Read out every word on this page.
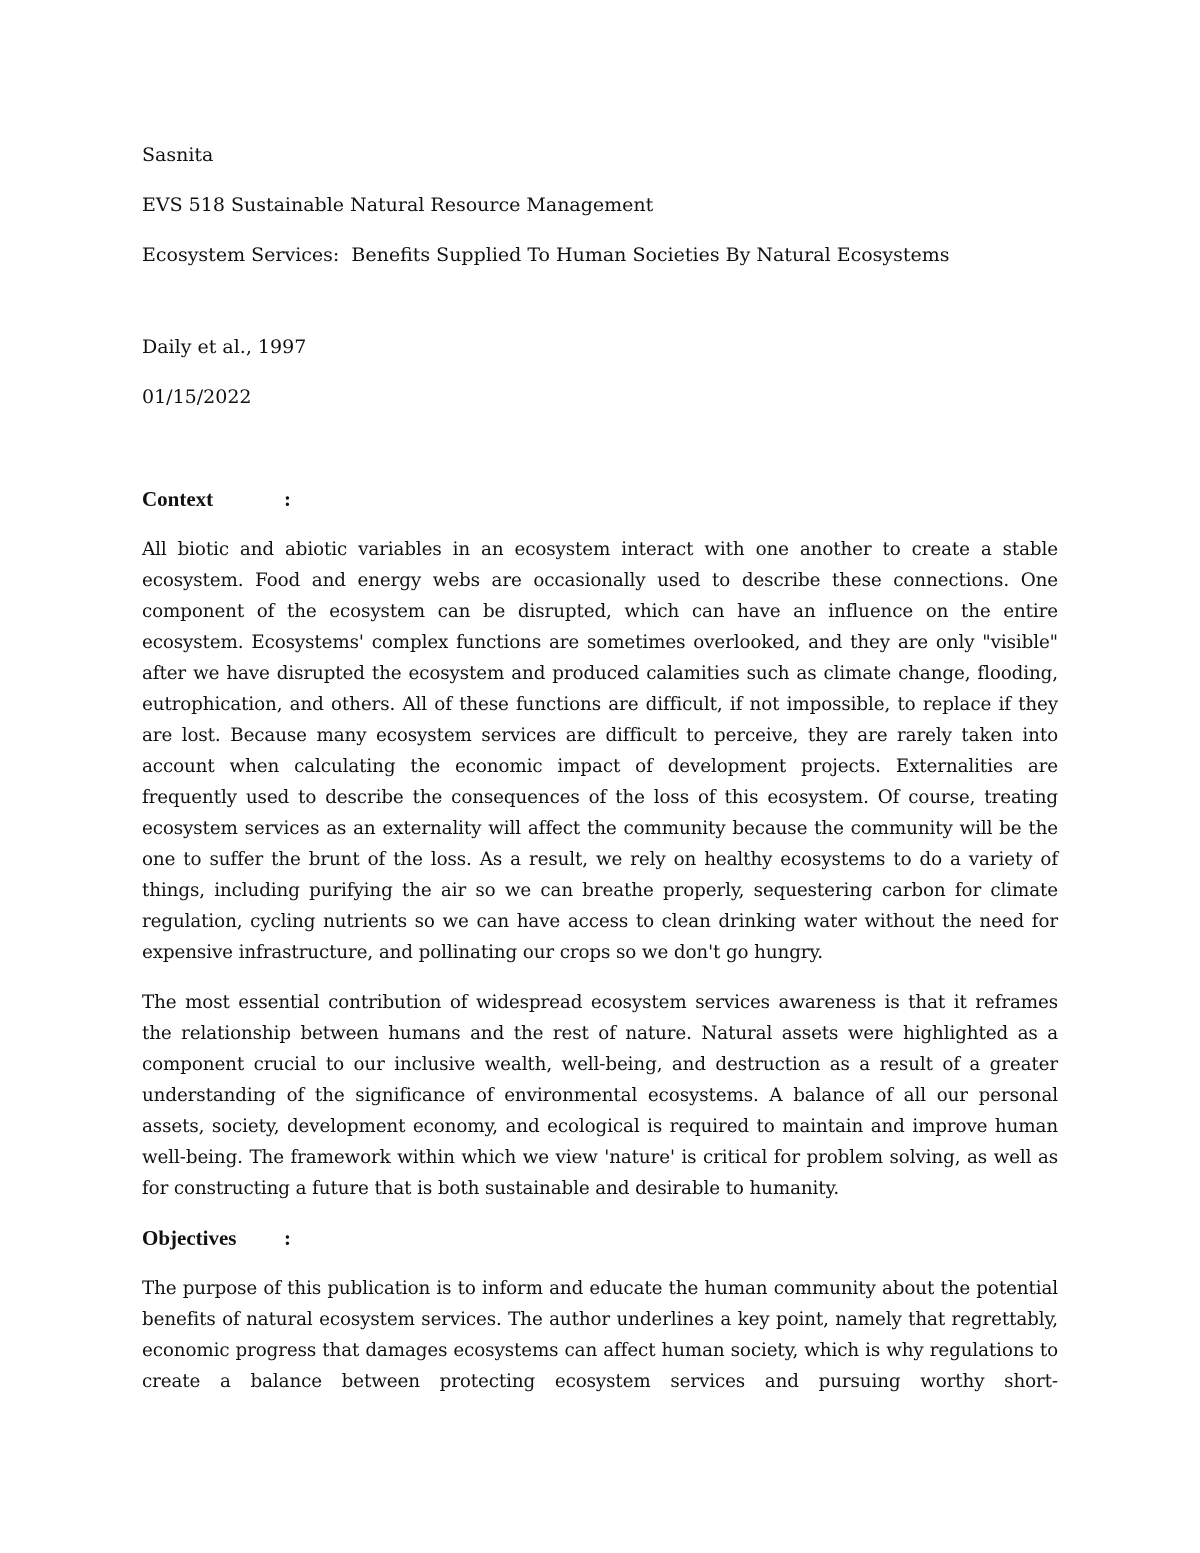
Sasnita

EVS 518 Sustainable Natural Resource Management

Ecosystem Services:  Benefits Supplied To Human Societies By Natural Ecosystems

Daily et al., 1997

01/15/2022

Context	:

All biotic and abiotic variables in an ecosystem interact with one another to create a stable ecosystem. Food and energy webs are occasionally used to describe these connections. One component of the ecosystem can be disrupted, which can have an influence on the entire ecosystem. Ecosystems' complex functions are sometimes overlooked, and they are only "visible" after we have disrupted the ecosystem and produced calamities such as climate change, flooding, eutrophication, and others. All of these functions are difficult, if not impossible, to replace if they are lost. Because many ecosystem services are difficult to perceive, they are rarely taken into account when calculating the economic impact of development projects. Externalities are frequently used to describe the consequences of the loss of this ecosystem. Of course, treating ecosystem services as an externality will affect the community because the community will be the one to suffer the brunt of the loss. As a result, we rely on healthy ecosystems to do a variety of things, including purifying the air so we can breathe properly, sequestering carbon for climate regulation, cycling nutrients so we can have access to clean drinking water without the need for expensive infrastructure, and pollinating our crops so we don't go hungry.

The most essential contribution of widespread ecosystem services awareness is that it reframes the relationship between humans and the rest of nature. Natural assets were highlighted as a component crucial to our inclusive wealth, well-being, and destruction as a result of a greater understanding of the significance of environmental ecosystems. A balance of all our personal assets, society, development economy, and ecological is required to maintain and improve human well-being. The framework within which we view 'nature' is critical for problem solving, as well as for constructing a future that is both sustainable and desirable to humanity.

Objectives	:

The purpose of this publication is to inform and educate the human community about the potential benefits of natural ecosystem services. The author underlines a key point, namely that regrettably, economic progress that damages ecosystems can affect human society, which is why regulations to create a balance between protecting ecosystem services and pursuing worthy short-
